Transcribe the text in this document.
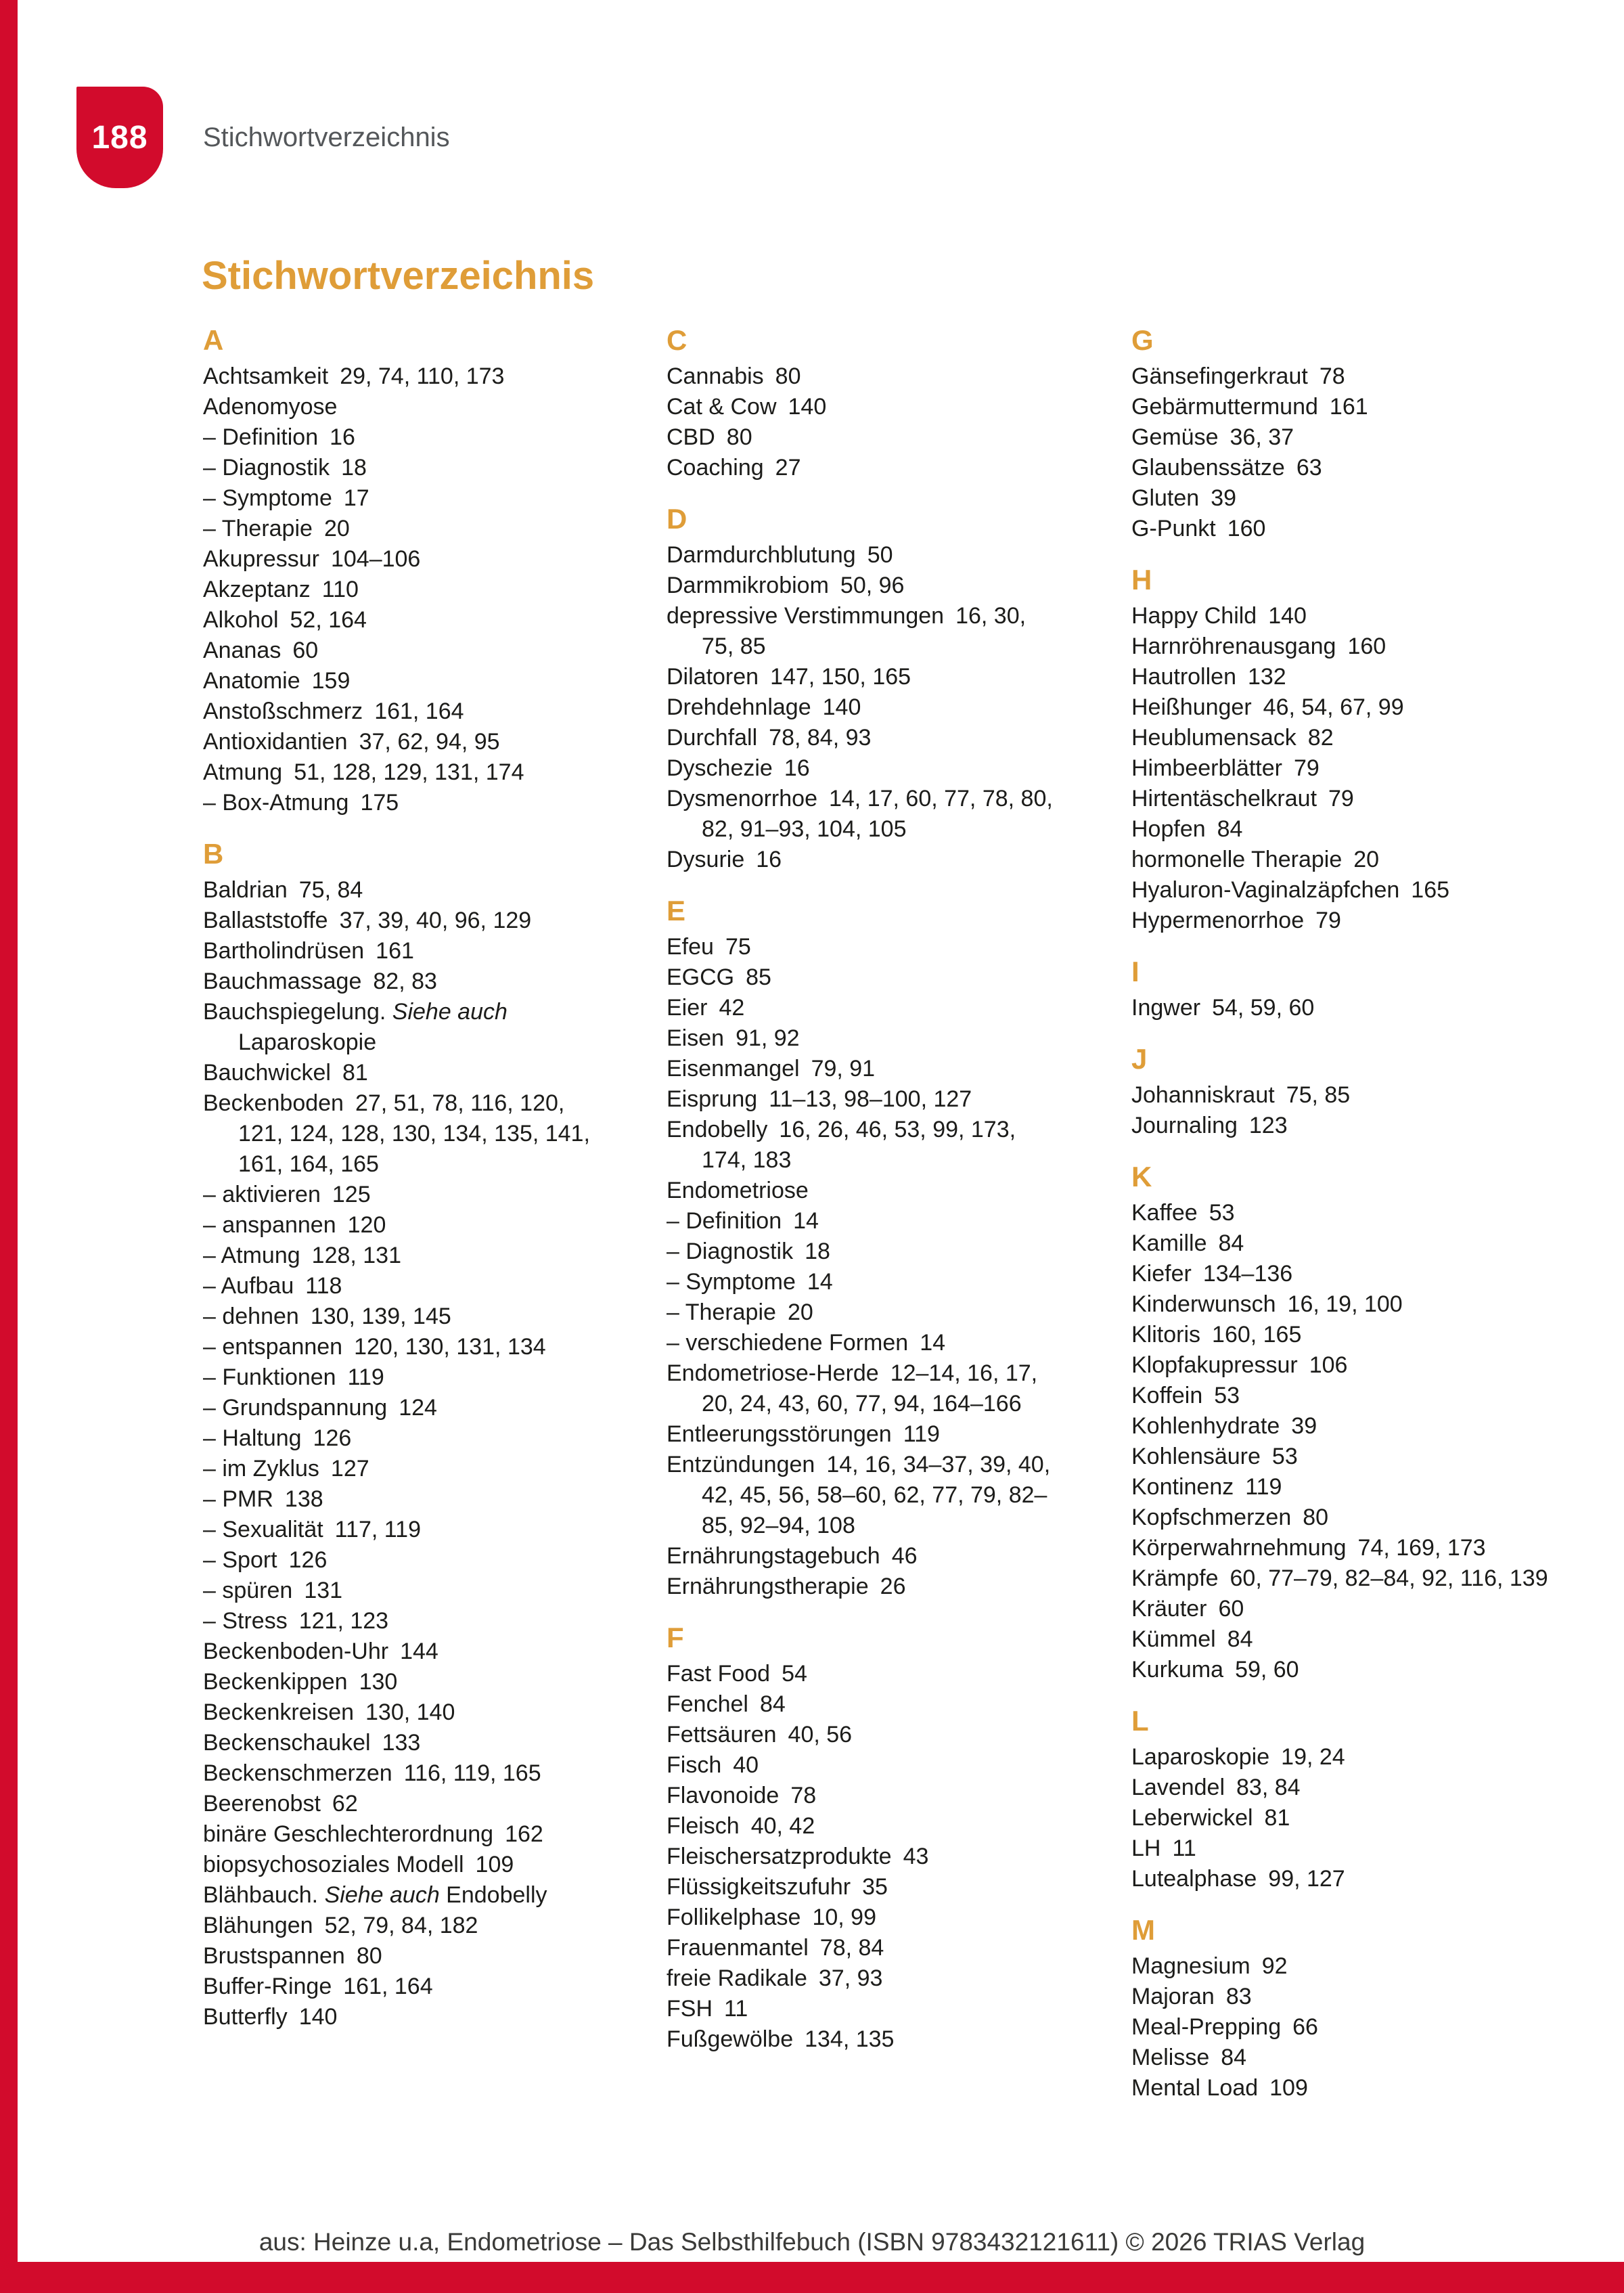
188 Stichwortverzeichnis
Stichwortverzeichnis
A
Achtsamkeit 29, 74, 110, 173
Adenomyose
– Definition 16
– Diagnostik 18
– Symptome 17
– Therapie 20
Akupressur 104–106
Akzeptanz 110
Alkohol 52, 164
Ananas 60
Anatomie 159
Anstoßschmerz 161, 164
Antioxidantien 37, 62, 94, 95
Atmung 51, 128, 129, 131, 174
– Box-Atmung 175
B
Baldrian 75, 84
Ballaststoffe 37, 39, 40, 96, 129
Bartholindrüsen 161
Bauchmassage 82, 83
Bauchspiegelung. Siehe auch Laparoskopie
Bauchwickel 81
Beckenboden 27, 51, 78, 116, 120, 121, 124, 128, 130, 134, 135, 141, 161, 164, 165
– aktivieren 125
– anspannen 120
– Atmung 128, 131
– Aufbau 118
– dehnen 130, 139, 145
– entspannen 120, 130, 131, 134
– Funktionen 119
– Grundspannung 124
– Haltung 126
– im Zyklus 127
– PMR 138
– Sexualität 117, 119
– Sport 126
– spüren 131
– Stress 121, 123
Beckenboden-Uhr 144
Beckenkippen 130
Beckenkreisen 130, 140
Beckenschaukel 133
Beckenschmerzen 116, 119, 165
Beerenobst 62
binäre Geschlechterordnung 162
biopsychosoziales Modell 109
Blähbauch. Siehe auch Endobelly
Blähungen 52, 79, 84, 182
Brustspannen 80
Buffer-Ringe 161, 164
Butterfly 140
C
Cannabis 80
Cat & Cow 140
CBD 80
Coaching 27
D
Darmdurchblutung 50
Darmmikrobiom 50, 96
depressive Verstimmungen 16, 30, 75, 85
Dilatoren 147, 150, 165
Drehdehnlage 140
Durchfall 78, 84, 93
Dyschezie 16
Dysmenorrhoe 14, 17, 60, 77, 78, 80, 82, 91–93, 104, 105
Dysurie 16
E
Efeu 75
EGCG 85
Eier 42
Eisen 91, 92
Eisenmangel 79, 91
Eisprung 11–13, 98–100, 127
Endobelly 16, 26, 46, 53, 99, 173, 174, 183
Endometriose
– Definition 14
– Diagnostik 18
– Symptome 14
– Therapie 20
– verschiedene Formen 14
Endometriose-Herde 12–14, 16, 17, 20, 24, 43, 60, 77, 94, 164–166
Entleerungsstörungen 119
Entzündungen 14, 16, 34–37, 39, 40, 42, 45, 56, 58–60, 62, 77, 79, 82–85, 92–94, 108
Ernährungstagebuch 46
Ernährungstherapie 26
F
Fast Food 54
Fenchel 84
Fettsäuren 40, 56
Fisch 40
Flavonoide 78
Fleisch 40, 42
Fleischersatzprodukte 43
Flüssigkeitszufuhr 35
Follikelphase 10, 99
Frauenmantel 78, 84
freie Radikale 37, 93
FSH 11
Fußgewölbe 134, 135
G
Gänsefingerkraut 78
Gebärmuttermund 161
Gemüse 36, 37
Glaubenssätze 63
Gluten 39
G-Punkt 160
H
Happy Child 140
Harnröhrenausgang 160
Hautrollen 132
Heißhunger 46, 54, 67, 99
Heublumensack 82
Himbeerblätter 79
Hirtentäschelkraut 79
Hopfen 84
hormonelle Therapie 20
Hyaluron-Vaginalzäpfchen 165
Hypermenorrhoe 79
I
Ingwer 54, 59, 60
J
Johanniskraut 75, 85
Journaling 123
K
Kaffee 53
Kamille 84
Kiefer 134–136
Kinderwunsch 16, 19, 100
Klitoris 160, 165
Klopfakupressur 106
Koffein 53
Kohlenhydrate 39
Kohlensäure 53
Kontinenz 119
Kopfschmerzen 80
Körperwahrnehmung 74, 169, 173
Krämpfe 60, 77–79, 82–84, 92, 116, 139
Kräuter 60
Kümmel 84
Kurkuma 59, 60
L
Laparoskopie 19, 24
Lavendel 83, 84
Leberwickel 81
LH 11
Lutealphase 99, 127
M
Magnesium 92
Majoran 83
Meal-Prepping 66
Melisse 84
Mental Load 109
aus: Heinze u.a, Endometriose – Das Selbsthilfebuch (ISBN 9783432121611) © 2026 TRIAS Verlag
